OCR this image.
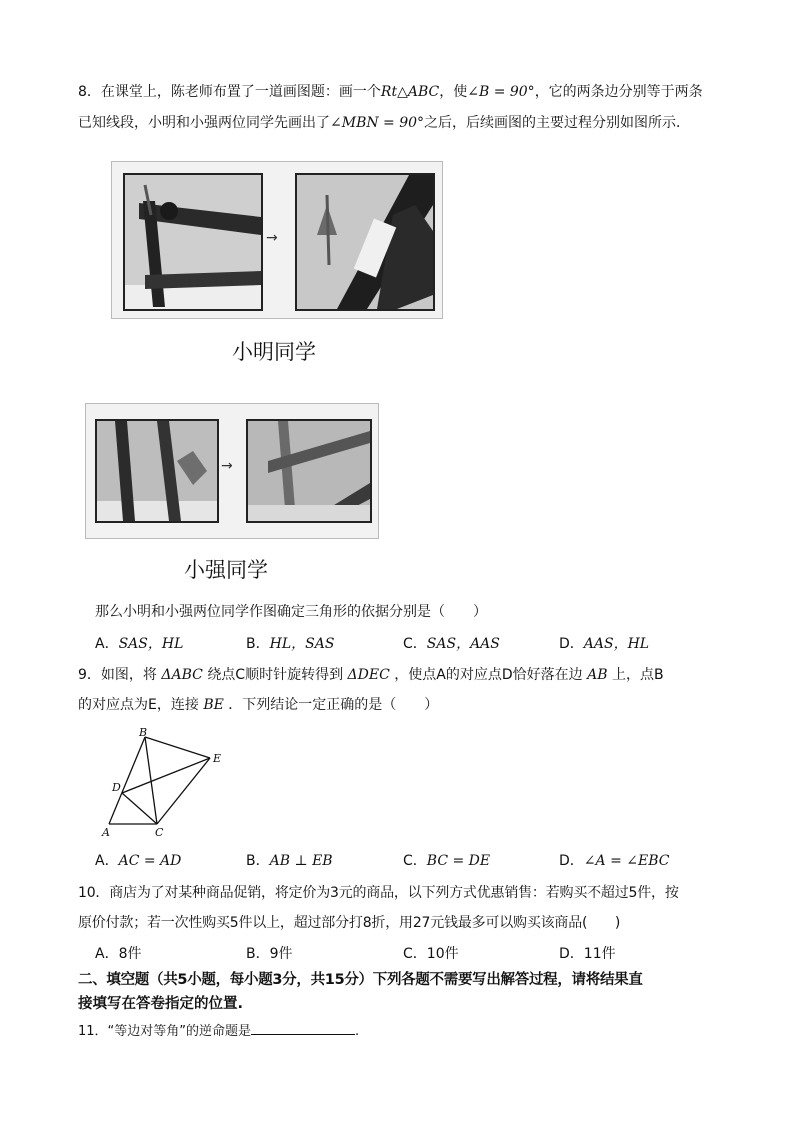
8．在课堂上，陈老师布置了一道画图题：画一个Rt△ABC，使∠B = 90°，它的两条边分别等于两条
已知线段，小明和小强两位同学先画出了∠MBN = 90°之后，后续画图的主要过程分别如图所示．
→
小明同学
→
小强同学
那么小明和小强两位同学作图确定三角形的依据分别是（　　）
A．SAS，HL	B．HL，SAS	C．SAS，AAS	D．AAS，HL
9．如图，将 ΔABC 绕点C顺时针旋转得到 ΔDEC ，使点A的对应点D恰好落在边 AB 上，点B
的对应点为E，连接 BE ．下列结论一定正确的是（　　）
B
E
D
A	C
A．AC = AD	B．AB ⊥ EB	C．BC = DE	D．∠A = ∠EBC
10．商店为了对某种商品促销，将定价为3元的商品，以下列方式优惠销售：若购买不超过5件，按
原价付款；若一次性购买5件以上，超过部分打8折，用27元钱最多可以购买该商品(　　)
A．8件	B．9件	C．10件	D．11件
二、填空题（共5小题，每小题3分，共15分）下列各题不需要写出解答过程，请将结果直
接填写在答卷指定的位置.
11．“等边对等角”的逆命题是	.
